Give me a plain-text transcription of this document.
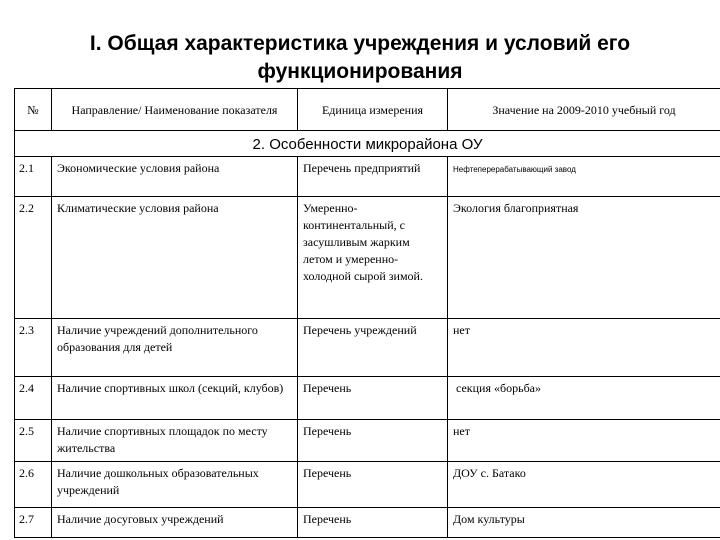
I. Общая характеристика учреждения и условий его
функционирования
№	Направление/ Наименование показателя	Единица измерения	Значение на 2009-2010 учебный год
2. Особенности микрорайона ОУ			
2.1	Экономические условия района	Перечень предприятий	Нефтеперерабатывающий завод
2.2	Климатические условия района	Умеренно-континентальный, с засушливым жарким летом и умеренно-холодной сырой зимой.	Экология благоприятная
2.3	Наличие учреждений дополнительного образования для детей	Перечень учреждений	нет
2.4	Наличие спортивных школ (секций, клубов)	Перечень	секция «борьба»
2.5	Наличие спортивных площадок по месту жительства	Перечень	нет
2.6	Наличие дошкольных образовательных учреждений	Перечень	ДОУ с. Батако
2.7	Наличие досуговых учреждений	Перечень	Дом культуры
